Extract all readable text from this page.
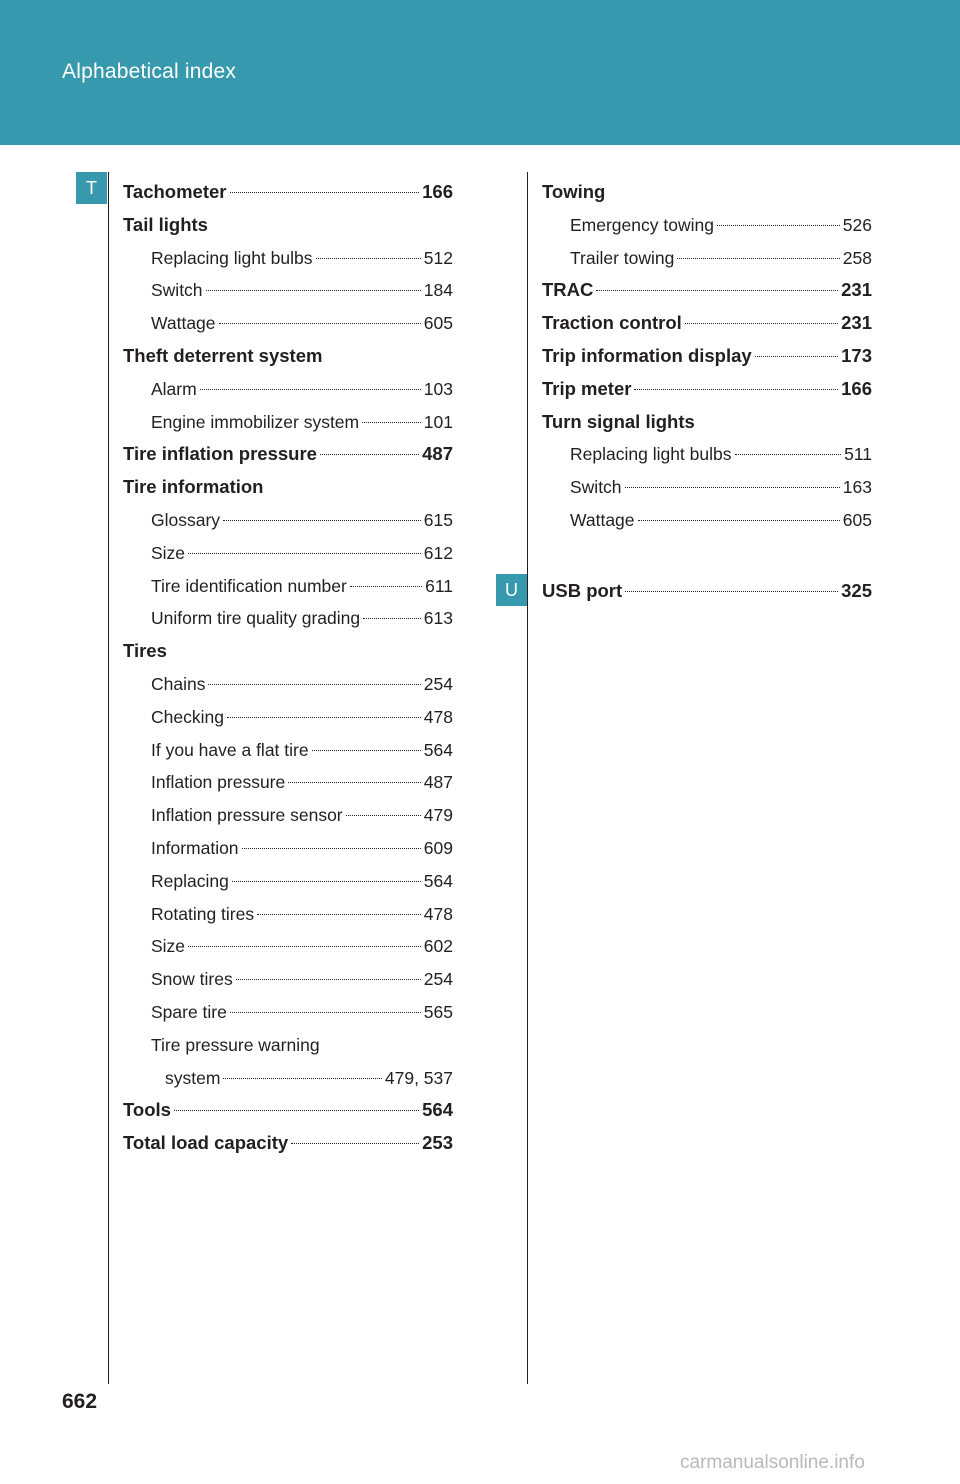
Alphabetical index
T
U
Tachometer	166
Tail lights
Replacing light bulbs	512
Switch	184
Wattage	605
Theft deterrent system
Alarm	103
Engine immobilizer system	101
Tire inflation pressure	487
Tire information
Glossary	615
Size	612
Tire identification number	611
Uniform tire quality grading	613
Tires
Chains	254
Checking	478
If you have a flat tire	564
Inflation pressure	487
Inflation pressure sensor	479
Information	609
Replacing	564
Rotating tires	478
Size	602
Snow tires	254
Spare tire	565
Tire pressure warning
system	479, 537
Tools	564
Total load capacity	253
Towing
Emergency towing	526
Trailer towing	258
TRAC	231
Traction control	231
Trip information display	173
Trip meter	166
Turn signal lights
Replacing light bulbs	511
Switch	163
Wattage	605
USB port	325
662
carmanualsonline.info
